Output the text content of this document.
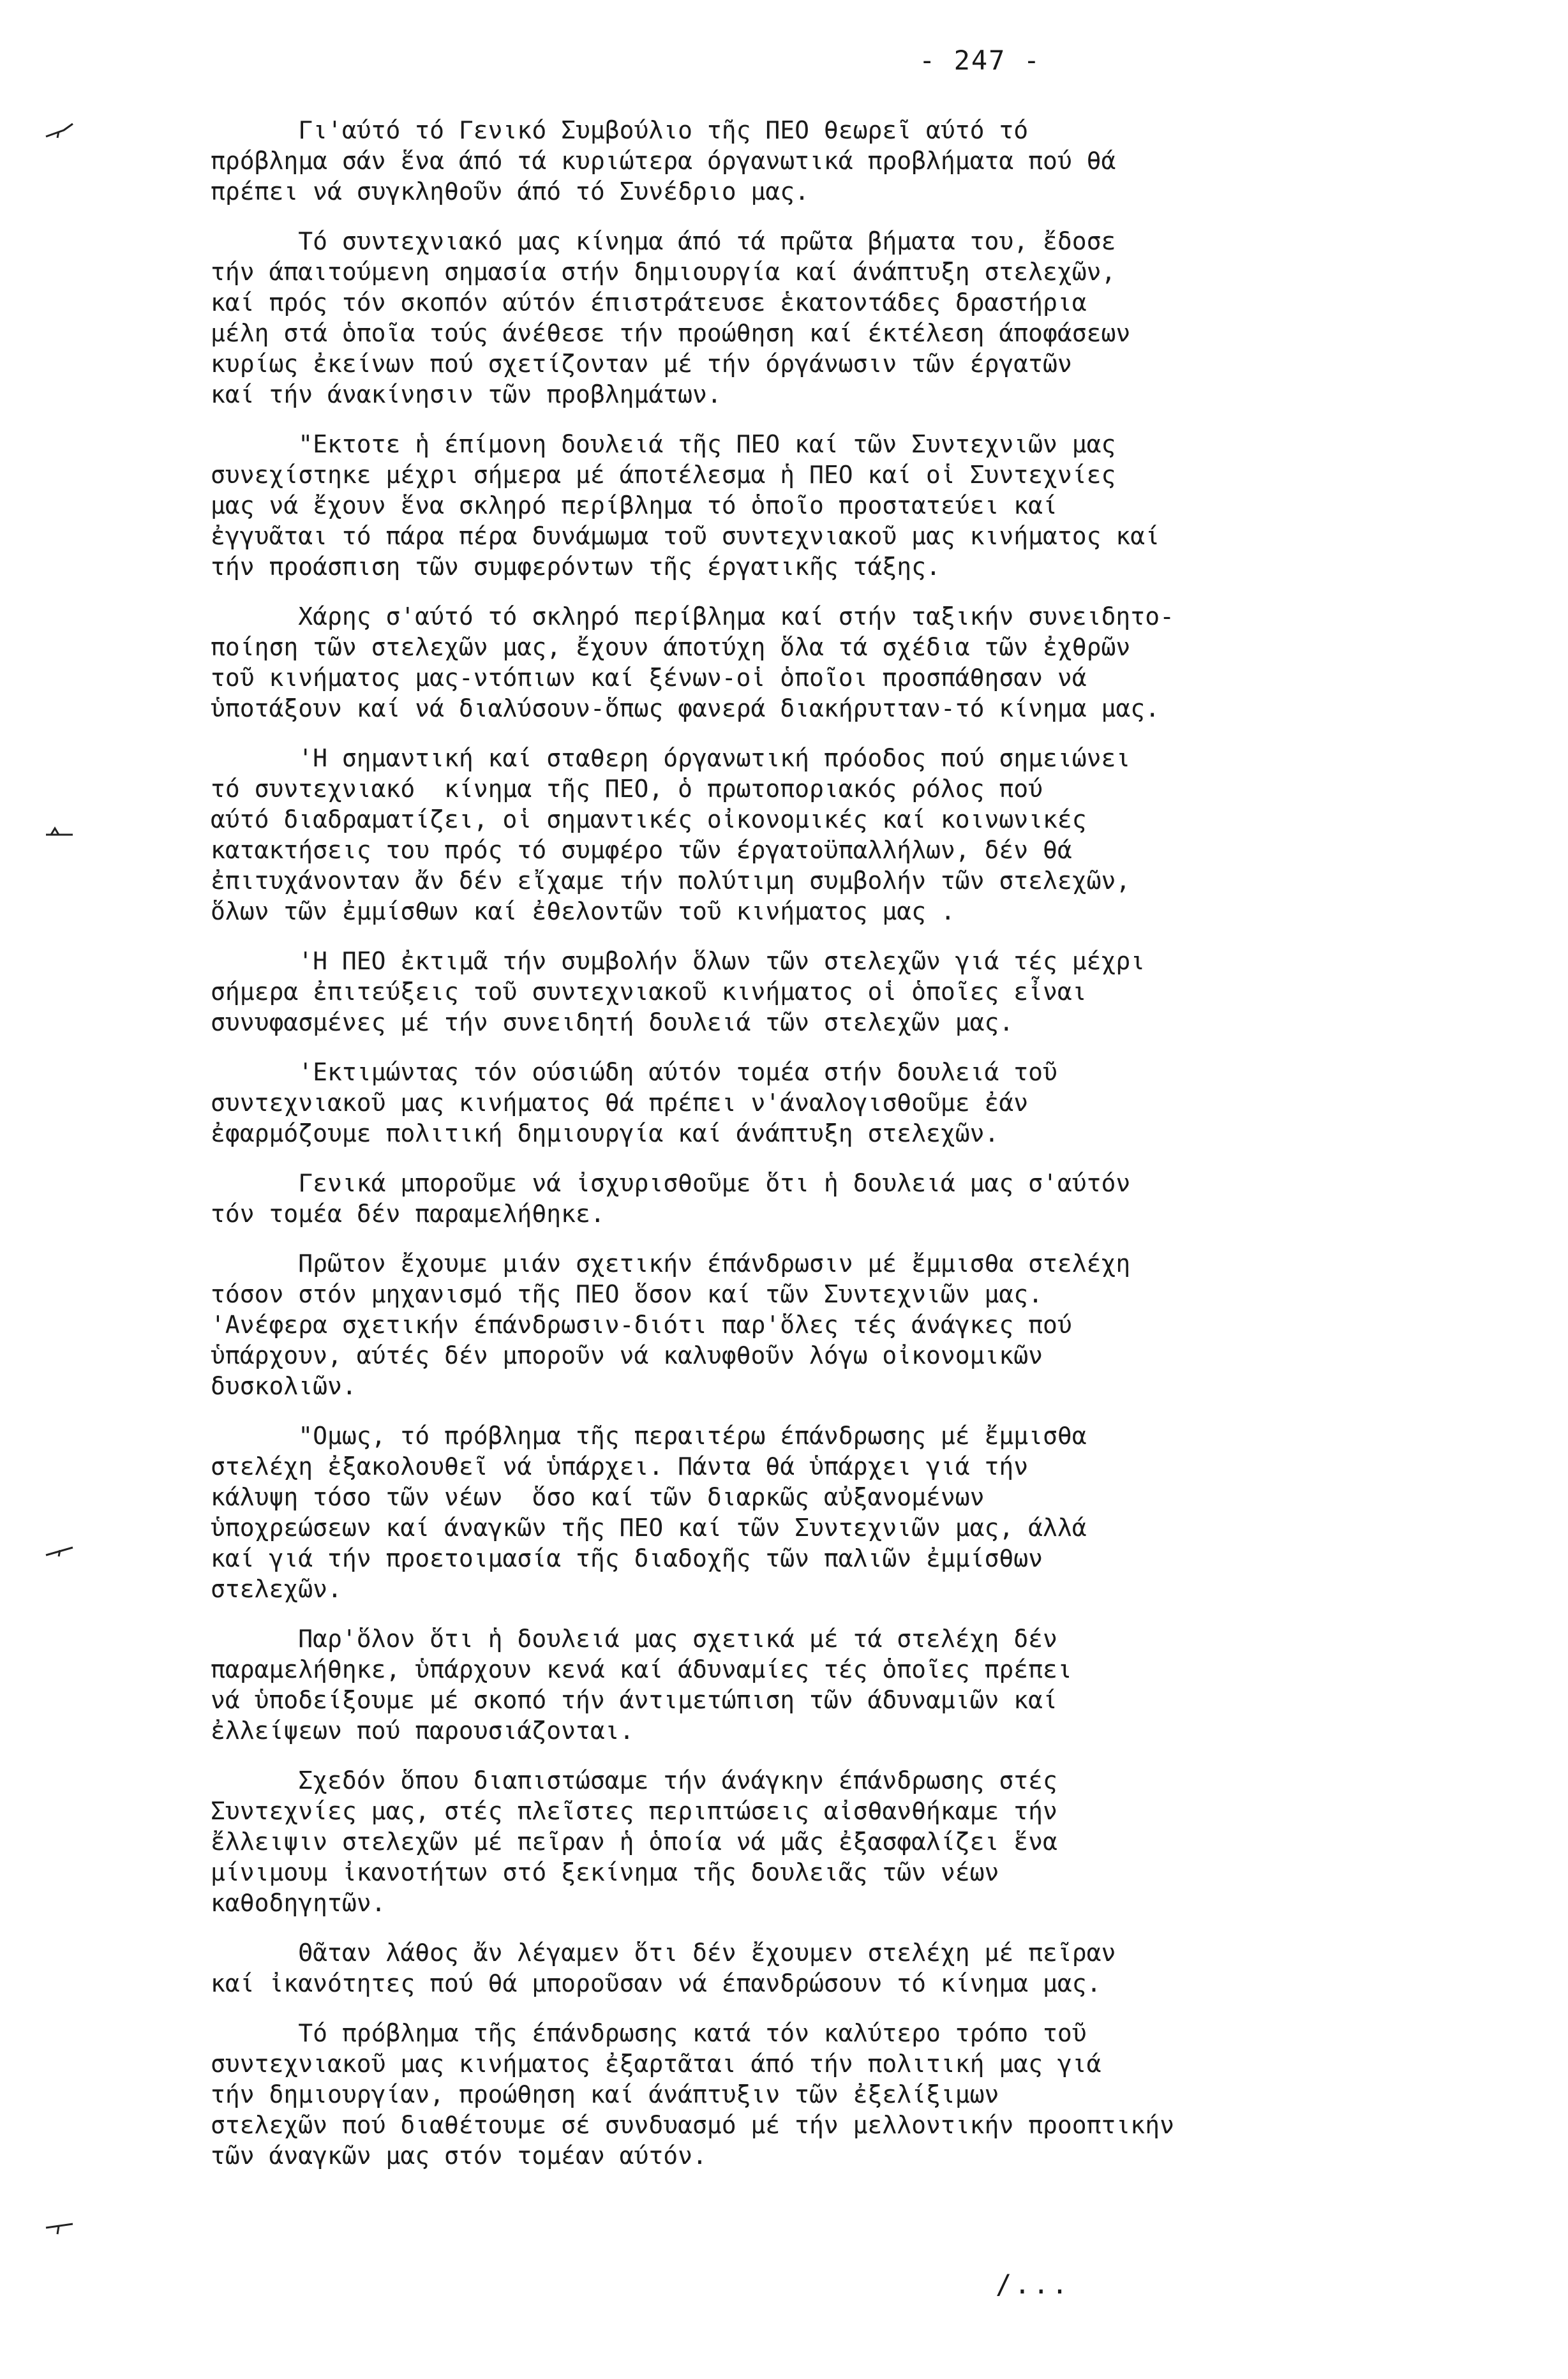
- 247 -

Γι'αύτό τό Γενικό Συμβούλιο τῆς ΠΕΟ θεωρεῖ αύτό τό
πρόβλημα σάν ἕνα άπό τά κυριώτερα όργανωτικά προβλήματα πού θά
πρέπει νά συγκληθοῦν άπό τό Συνέδριο μας.

Τό συντεχνιακό μας κίνημα άπό τά πρῶτα βήματα του, ἔδοσε
τήν άπαιτούμενη σημασία στήν δημιουργία καί άνάπτυξη στελεχῶν,
καί πρός τόν σκοπόν αύτόν έπιστράτευσε ἑκατοντάδες δραστήρια
μέλη στά ὁποῖα τούς άνέθεσε τήν προώθηση καί έκτέλεση άποφάσεων
κυρίως ἐκείνων πού σχετίζονταν μέ τήν όργάνωσιν τῶν έργατῶν
καί τήν άνακίνησιν τῶν προβλημάτων.

"Εκτοτε ἡ έπίμονη δουλειά τῆς ΠΕΟ καί τῶν Συντεχνιῶν μας
συνεχίστηκε μέχρι σήμερα μέ άποτέλεσμα ἡ ΠΕΟ καί οἱ Συντεχνίες
μας νά ἔχουν ἕνα σκληρό περίβλημα τό ὁποῖο προστατεύει καί
ἐγγυᾶται τό πάρα πέρα δυνάμωμα τοῦ συντεχνιακοῦ μας κινήματος καί
τήν προάσπιση τῶν συμφερόντων τῆς έργατικῆς τάξης.

Χάρης σ'αύτό τό σκληρό περίβλημα καί στήν ταξικήν συνειδητο-
ποίηση τῶν στελεχῶν μας, ἔχουν άποτύχη ὅλα τά σχέδια τῶν ἐχθρῶν
τοῦ κινήματος μας-ντόπιων καί ξένων-οἱ ὁποῖοι προσπάθησαν νά
ὑποτάξουν καί νά διαλύσουν-ὅπως φανερά διακήρυτταν-τό κίνημα μας.

'Η σημαντική καί σταθερη όργανωτική πρόοδος πού σημειώνει
τό συντεχνιακό  κίνημα τῆς ΠΕΟ, ὁ πρωτοποριακός ρόλος πού
αύτό διαδραματίζει, οἱ σημαντικές οἰκονομικές καί κοινωνικές
κατακτήσεις του πρός τό συμφέρο τῶν έργατοϋπαλλήλων, δέν θά
ἐπιτυχάνονταν ἄν δέν εἴχαμε τήν πολύτιμη συμβολήν τῶν στελεχῶν,
ὅλων τῶν ἐμμίσθων καί ἐθελοντῶν τοῦ κινήματος μας .

'Η ΠΕΟ ἐκτιμᾶ τήν συμβολήν ὅλων τῶν στελεχῶν γιά τές μέχρι
σήμερα ἐπιτεύξεις τοῦ συντεχνιακοῦ κινήματος οἱ ὁποῖες εἶναι
συνυφασμένες μέ τήν συνειδητή δουλειά τῶν στελεχῶν μας.

'Εκτιμώντας τόν ούσιώδη αύτόν τομέα στήν δουλειά τοῦ
συντεχνιακοῦ μας κινήματος θά πρέπει ν'άναλογισθοῦμε ἐάν
ἐφαρμόζουμε πολιτική δημιουργία καί άνάπτυξη στελεχῶν.

Γενικά μποροῦμε νά ἰσχυρισθοῦμε ὅτι ἡ δουλειά μας σ'αύτόν
τόν τομέα δέν παραμελήθηκε.

Πρῶτον ἔχουμε μιάν σχετικήν έπάνδρωσιν μέ ἔμμισθα στελέχη
τόσον στόν μηχανισμό τῆς ΠΕΟ ὅσον καί τῶν Συντεχνιῶν μας.
'Ανέφερα σχετικήν έπάνδρωσιν-διότι παρ'ὅλες τές άνάγκες πού
ὑπάρχουν, αύτές δέν μποροῦν νά καλυφθοῦν λόγω οἰκονομικῶν
δυσκολιῶν.

"Ομως, τό πρόβλημα τῆς περαιτέρω έπάνδρωσης μέ ἔμμισθα
στελέχη ἐξακολουθεῖ νά ὑπάρχει. Πάντα θά ὑπάρχει γιά τήν
κάλυψη τόσο τῶν νέων  ὅσο καί τῶν διαρκῶς αὐξανομένων
ὑποχρεώσεων καί άναγκῶν τῆς ΠΕΟ καί τῶν Συντεχνιῶν μας, άλλά
καί γιά τήν προετοιμασία τῆς διαδοχῆς τῶν παλιῶν ἐμμίσθων
στελεχῶν.

Παρ'ὅλον ὅτι ἡ δουλειά μας σχετικά μέ τά στελέχη δέν
παραμελήθηκε, ὑπάρχουν κενά καί άδυναμίες τές ὁποῖες πρέπει
νά ὑποδείξουμε μέ σκοπό τήν άντιμετώπιση τῶν άδυναμιῶν καί
ἐλλείψεων πού παρουσιάζονται.

Σχεδόν ὅπου διαπιστώσαμε τήν άνάγκην έπάνδρωσης στές
Συντεχνίες μας, στές πλεῖστες περιπτώσεις αἰσθανθήκαμε τήν
ἔλλειψιν στελεχῶν μέ πεῖραν ἡ ὁποία νά μᾶς ἐξασφαλίζει ἕνα
μίνιμουμ ἰκανοτήτων στό ξεκίνημα τῆς δουλειᾶς τῶν νέων
καθοδηγητῶν.

Θᾶταν λάθος ἄν λέγαμεν ὅτι δέν ἔχουμεν στελέχη μέ πεῖραν
καί ἰκανότητες πού θά μποροῦσαν νά έπανδρώσουν τό κίνημα μας.

Τό πρόβλημα τῆς έπάνδρωσης κατά τόν καλύτερο τρόπο τοῦ
συντεχνιακοῦ μας κινήματος ἐξαρτᾶται άπό τήν πολιτική μας γιά
τήν δημιουργίαν, προώθηση καί άνάπτυξιν τῶν ἐξελίξιμων
στελεχῶν πού διαθέτουμε σέ συνδυασμό μέ τήν μελλοντικήν προοπτικήν
τῶν άναγκῶν μας στόν τομέαν αύτόν.

/...
